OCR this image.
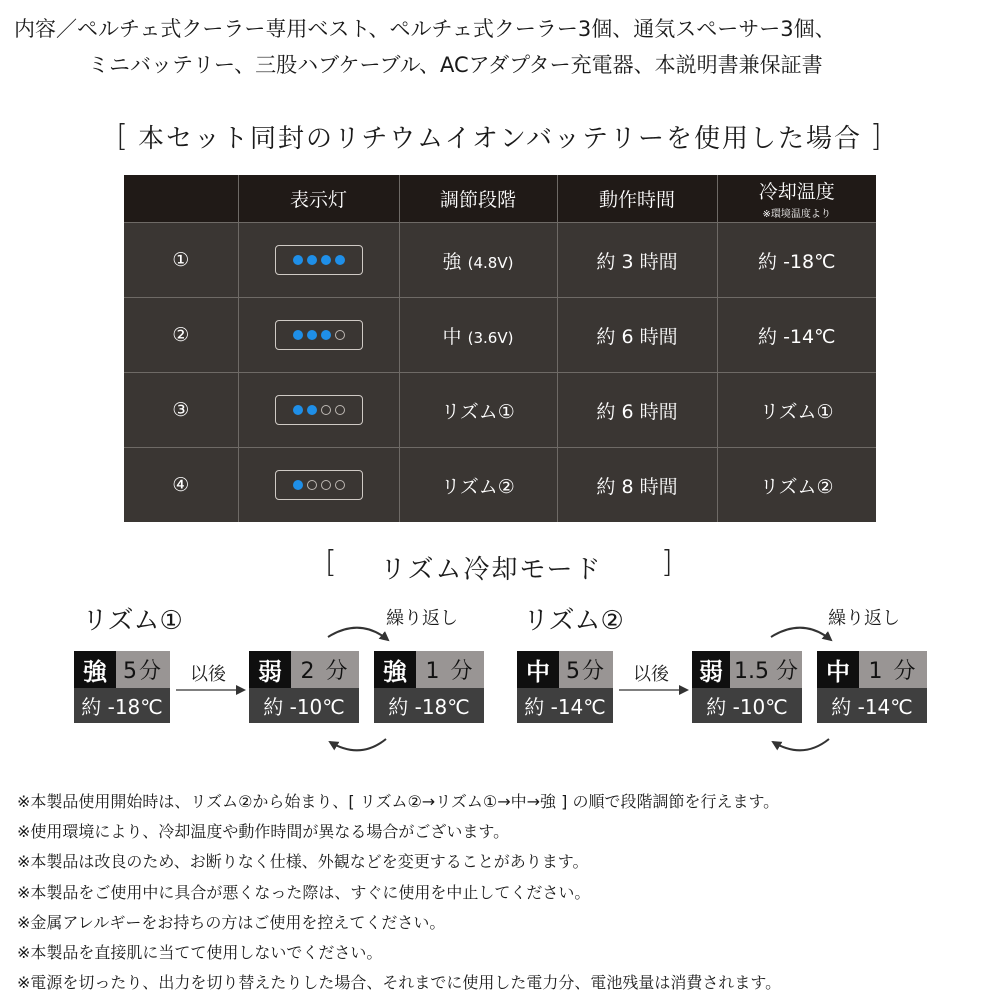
内容／ペルチェ式クーラー専用ベスト、ペルチェ式クーラー3個、通気スペーサー3個、
ミニバッテリー、三股ハブケーブル、ACアダプター充電器、本説明書兼保証書
[ 本セット同封のリチウムイオンバッテリーを使用した場合 ]
	表示灯	調節段階	動作時間	冷却温度
※環境温度より

①		強 (4.8V)	約 3 時間	約 -18℃
②		中 (3.6V)	約 6 時間	約 -14℃
③		リズム①	約 6 時間	リズム①
④		リズム②	約 8 時間	リズム②
[ リズム冷却モード ]
リズム①	繰り返し
以後
強 5分
約 -18℃
弱 2 分
約 -10℃
強 1 分
約 -18℃
リズム②	繰り返し
以後
中 5分
約 -14℃
弱 1.5 分
約 -10℃
中 1 分
約 -14℃
※本製品使用開始時は、リズム②から始まり、[ リズム②→リズム①→中→強 ] の順で段階調節を行えます。
※使用環境により、冷却温度や動作時間が異なる場合がございます。
※本製品は改良のため、お断りなく仕様、外観などを変更することがあります。
※本製品をご使用中に具合が悪くなった際は、すぐに使用を中止してください。
※金属アレルギーをお持ちの方はご使用を控えてください。
※本製品を直接肌に当てて使用しないでください。
※電源を切ったり、出力を切り替えたりした場合、それまでに使用した電力分、電池残量は消費されます。
